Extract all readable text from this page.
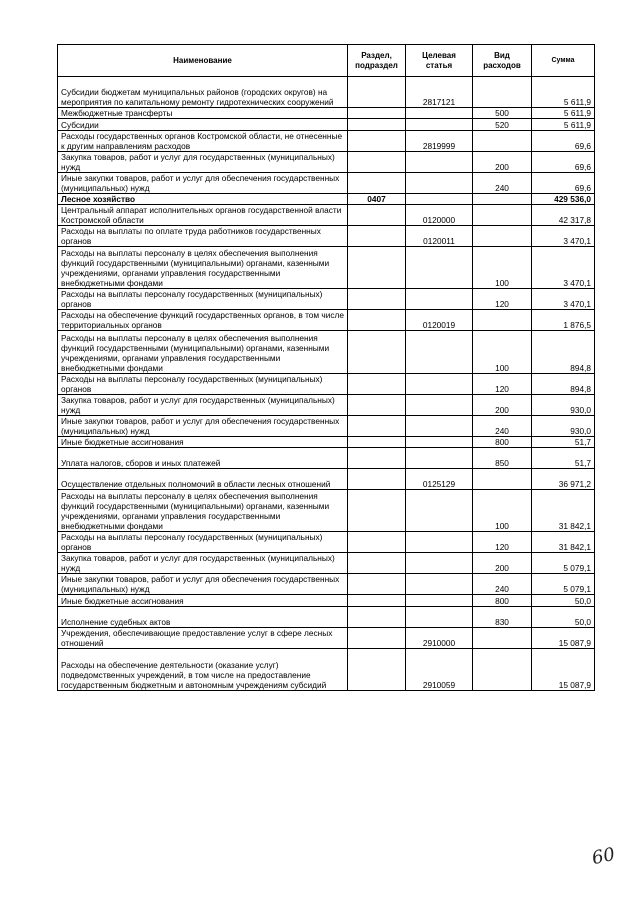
Наименование	Раздел, подраздел	Целевая статья	Вид расходов	Сумма
Субсидии бюджетам муниципальных районов (городских округов) на мероприятия по капитальному ремонту гидротехнических сооружений		2817121		5 611,9
Межбюджетные трансферты			500	5 611,9
Субсидии			520	5 611,9
Расходы государственных органов Костромской области, не отнесенные к другим направлениям расходов		2819999		69,6
Закупка товаров, работ и услуг для государственных (муниципальных) нужд			200	69,6
Иные закупки товаров, работ и услуг для обеспечения государственных (муниципальных) нужд			240	69,6
Лесное хозяйство	0407			429 536,0
Центральный аппарат исполнительных органов государственной власти Костромской области		0120000		42 317,8
Расходы на выплаты по оплате труда работников государственных органов		0120011		3 470,1
Расходы на выплаты персоналу в целях обеспечения выполнения функций государственными (муниципальными) органами, казенными учреждениями, органами управления государственными внебюджетными фондами			100	3 470,1
Расходы на выплаты персоналу государственных (муниципальных) органов			120	3 470,1
Расходы на обеспечение функций государственных органов, в том числе территориальных органов		0120019		1 876,5
Расходы на выплаты персоналу в целях обеспечения выполнения функций государственными (муниципальными) органами, казенными учреждениями, органами управления государственными внебюджетными фондами			100	894,8
Расходы на выплаты персоналу государственных (муниципальных) органов			120	894,8
Закупка товаров, работ и услуг для государственных (муниципальных) нужд			200	930,0
Иные закупки товаров, работ и услуг для обеспечения государственных (муниципальных) нужд			240	930,0
Иные бюджетные ассигнования			800	51,7
Уплата налогов, сборов и иных платежей			850	51,7
Осуществление отдельных полномочий в области лесных отношений		0125129		36 971,2
Расходы на выплаты персоналу в целях обеспечения выполнения функций государственными (муниципальными) органами, казенными учреждениями, органами управления государственными внебюджетными фондами			100	31 842,1
Расходы на выплаты персоналу государственных (муниципальных) органов			120	31 842,1
Закупка товаров, работ и услуг для государственных (муниципальных) нужд			200	5 079,1
Иные закупки товаров, работ и услуг для обеспечения государственных (муниципальных) нужд			240	5 079,1
Иные бюджетные ассигнования			800	50,0
Исполнение судебных актов			830	50,0
Учреждения, обеспечивающие предоставление услуг в сфере лесных отношений		2910000		15 087,9
Расходы на обеспечение деятельности (оказание услуг) подведомственных учреждений, в том числе на предоставление государственным бюджетным и автономным учреждениям субсидий		2910059		15 087,9
60
